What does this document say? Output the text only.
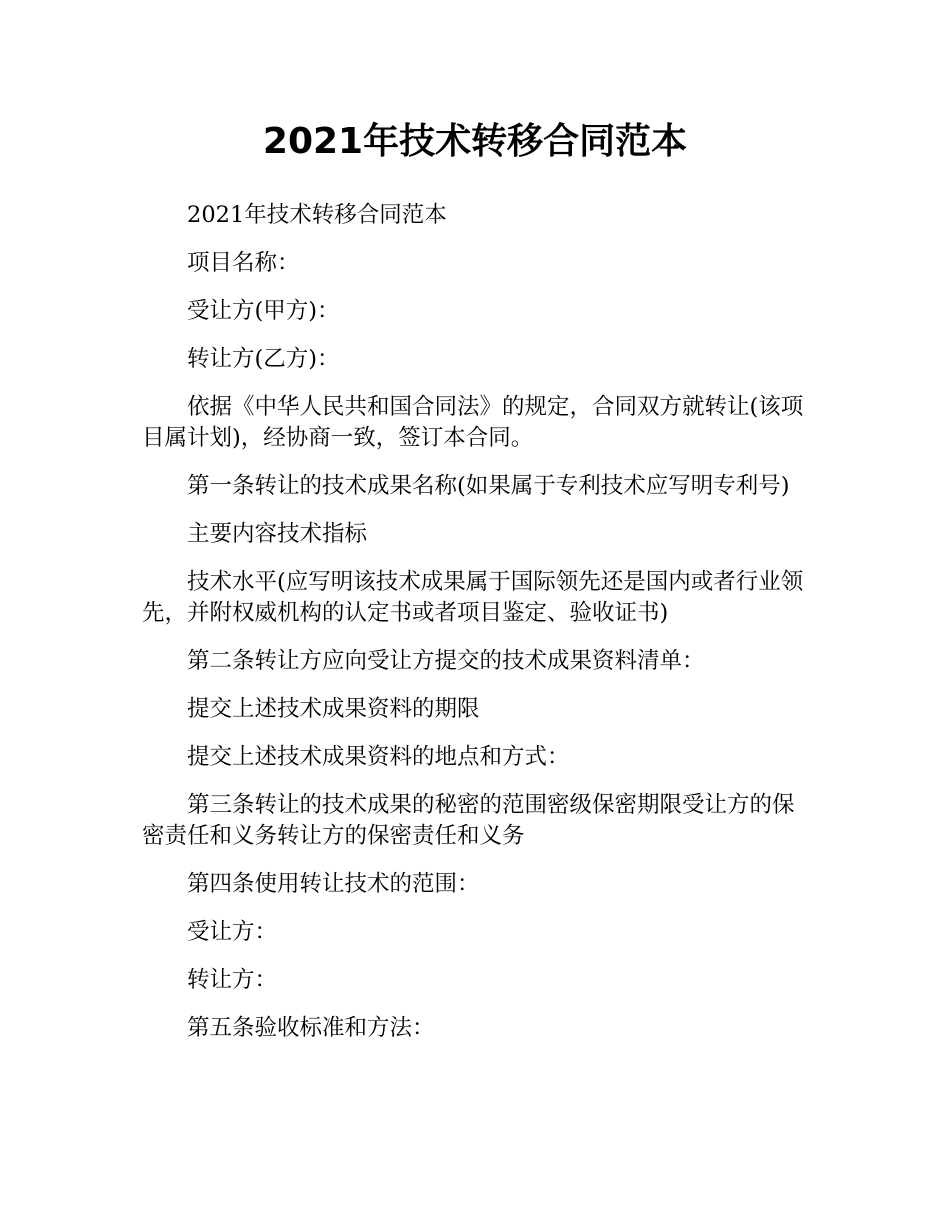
2021年技术转移合同范本

2021年技术转移合同范本

项目名称：

受让方(甲方)：

转让方(乙方)：

依据《中华人民共和国合同法》的规定，合同双方就转让(该项目属计划)，经协商一致，签订本合同。

第一条转让的技术成果名称(如果属于专利技术应写明专利号)

主要内容技术指标

技术水平(应写明该技术成果属于国际领先还是国内或者行业领先，并附权威机构的认定书或者项目鉴定、验收证书)

第二条转让方应向受让方提交的技术成果资料清单：

提交上述技术成果资料的期限

提交上述技术成果资料的地点和方式：

第三条转让的技术成果的秘密的范围密级保密期限受让方的保密责任和义务转让方的保密责任和义务

第四条使用转让技术的范围：

受让方：

转让方：

第五条验收标准和方法：
